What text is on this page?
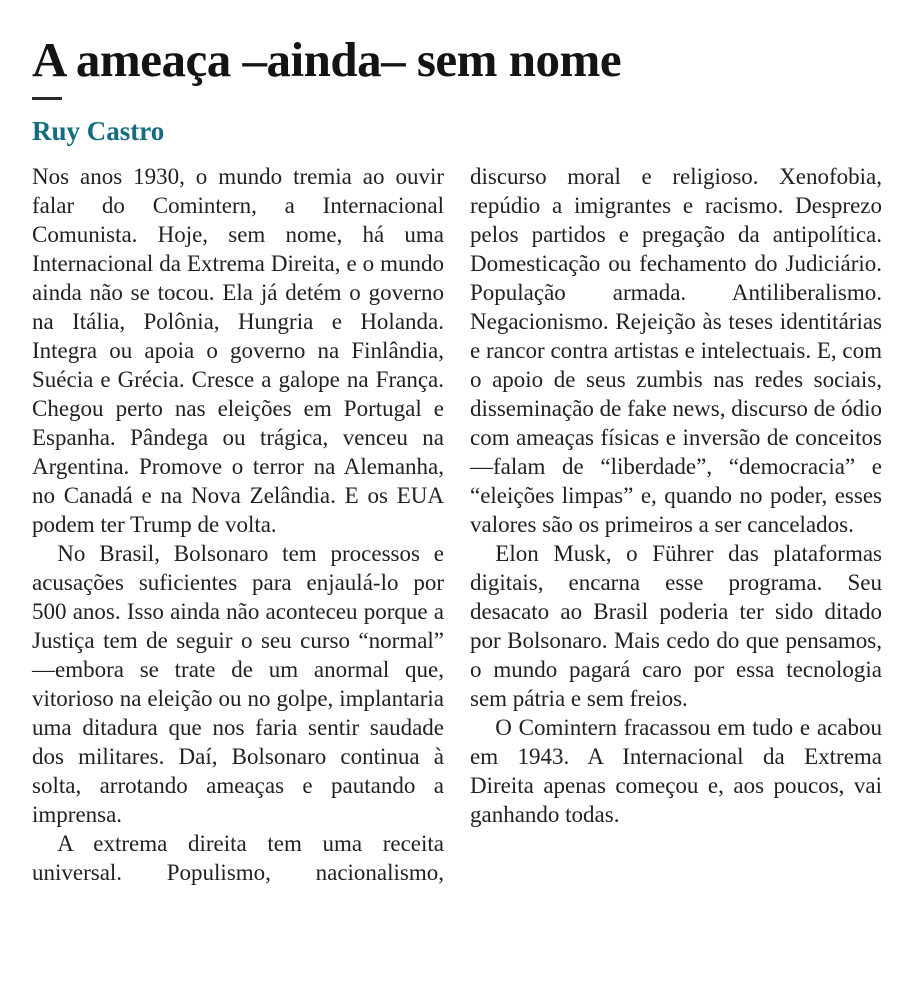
A ameaça –ainda– sem nome
Ruy Castro

Nos anos 1930, o mundo tremia ao ouvir falar do Comintern, a Internacional Comunista. Hoje, sem nome, há uma Internacional da Extrema Direita, e o mundo ainda não se tocou. Ela já detém o governo na Itália, Polônia, Hungria e Holanda. Integra ou apoia o governo na Finlândia, Suécia e Grécia. Cresce a galope na França. Chegou perto nas eleições em Portugal e Espanha. Pândega ou trágica, venceu na Argentina. Promove o terror na Alemanha, no Canadá e na Nova Zelândia. E os EUA podem ter Trump de volta.

No Brasil, Bolsonaro tem processos e acusações suficientes para enjaulá-lo por 500 anos. Isso ainda não aconteceu porque a Justiça tem de seguir o seu curso “normal” —embora se trate de um anormal que, vitorioso na eleição ou no golpe, implantaria uma ditadura que nos faria sentir saudade dos militares. Daí, Bolsonaro continua à solta, arrotando ameaças e pautando a imprensa.

A extrema direita tem uma receita universal. Populismo, nacionalismo, discurso moral e religioso. Xenofobia, repúdio a imigrantes e racismo. Desprezo pelos partidos e pregação da antipolítica. Domesticação ou fechamento do Judiciário. População armada. Antiliberalismo. Negacionismo. Rejeição às teses identitárias e rancor contra artistas e intelectuais. E, com o apoio de seus zumbis nas redes sociais, disseminação de fake news, discurso de ódio com ameaças físicas e inversão de conceitos —falam de “liberdade”, “democracia” e “eleições limpas” e, quando no poder, esses valores são os primeiros a ser cancelados.

Elon Musk, o Führer das plataformas digitais, encarna esse programa. Seu desacato ao Brasil poderia ter sido ditado por Bolsonaro. Mais cedo do que pensamos, o mundo pagará caro por essa tecnologia sem pátria e sem freios.

O Comintern fracassou em tudo e acabou em 1943. A Internacional da Extrema Direita apenas começou e, aos poucos, vai ganhando todas.
